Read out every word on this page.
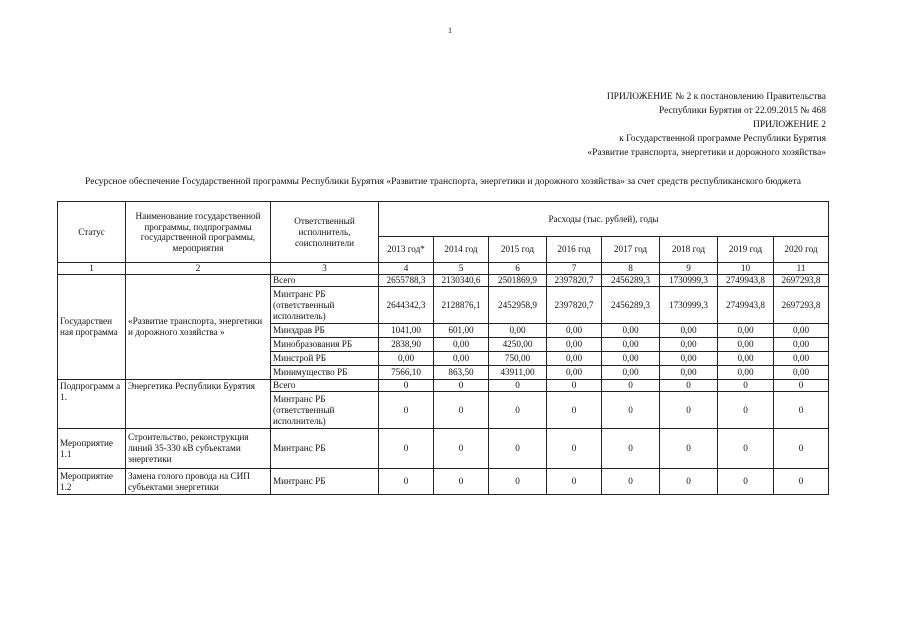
1
ПРИЛОЖЕНИЕ № 2 к постановлению Правительства
Республики Бурятия от 22.09.2015 № 468
ПРИЛОЖЕНИЕ 2
к Государственной программе Республики Бурятия
«Развитие транспорта, энергетики и дорожного хозяйства»
Ресурсное обеспечение Государственной программы Республики Бурятия «Развитие транспорта, энергетики и дорожного хозяйства» за счет средств республиканского бюджета
Статус	Наименование государственной программы, подпрограммы государственной программы, мероприятия	Ответственный исполнитель, соисполнители	Расходы (тыс. рублей), годы							
			2013 год*	2014 год	2015 год	2016 год	2017 год	2018 год	2019 год	2020 год
1	2	3	4	5	6	7	8	9	10	11
Государствен ная программа	«Развитие транспорта, энергетики и дорожного хозяйства »	Всего	2655788,3	2130340,6	2501869,9	2397820,7	2456289,3	1730999,3	2749943,8	2697293,8
		Минтранс РБ (ответственный исполнитель)	2644342,3	2128876,1	2452958,9	2397820,7	2456289,3	1730999,3	2749943,8	2697293,8
		Минздрав РБ	1041,00	601,00	0,00	0,00	0,00	0,00	0,00	0,00
		Минобразования РБ	2838,90	0,00	4250,00	0,00	0,00	0,00	0,00	0,00
		Минстрой РБ	0,00	0,00	750,00	0,00	0,00	0,00	0,00	0,00
		Минимущество РБ	7566,10	863,50	43911,00	0,00	0,00	0,00	0,00	0,00
Подпрограмм а 1.	Энергетика Республики Бурятия	Всего	0	0	0	0	0	0	0	0
		Минтранс РБ (ответственный исполнитель)	0	0	0	0	0	0	0	0
Мероприятие 1.1	Строительство, реконструкция линий 35-330 кВ субъектами энергетики	Минтранс РБ	0	0	0	0	0	0	0	0
Мероприятие 1.2	Замена голого провода на СИП субъектами энергетики	Минтранс РБ	0	0	0	0	0	0	0	0
